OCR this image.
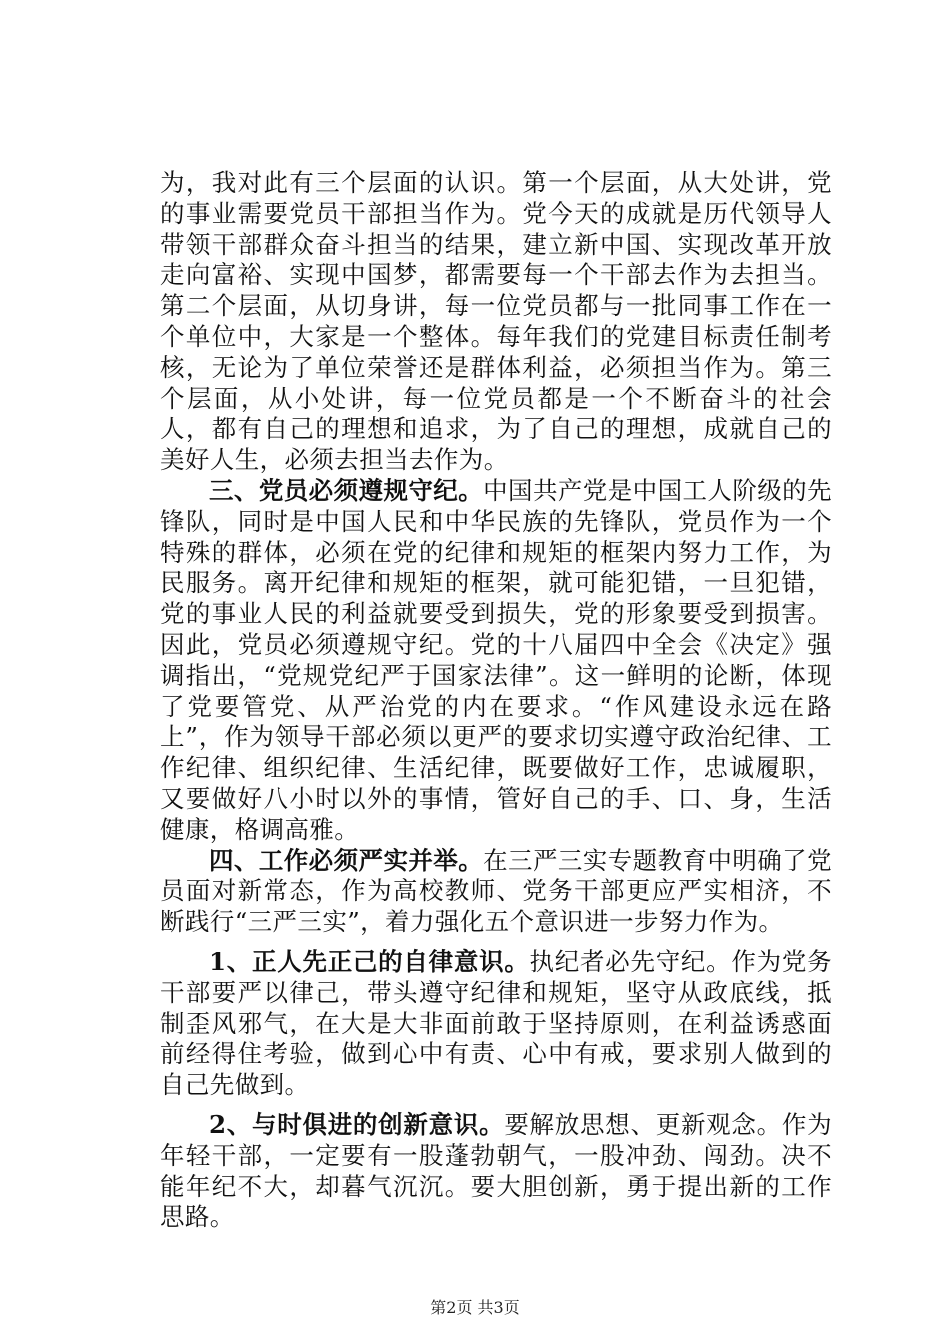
为，我对此有三个层面的认识。第一个层面，从大处讲，党的事业需要党员干部担当作为。党今天的成就是历代领导人带领干部群众奋斗担当的结果，建立新中国、实现改革开放走向富裕、实现中国梦，都需要每一个干部去作为去担当。第二个层面，从切身讲，每一位党员都与一批同事工作在一个单位中，大家是一个整体。每年我们的党建目标责任制考核，无论为了单位荣誉还是群体利益，必须担当作为。第三个层面，从小处讲，每一位党员都是一个不断奋斗的社会人，都有自己的理想和追求，为了自己的理想，成就自己的美好人生，必须去担当去作为。

三、党员必须遵规守纪。中国共产党是中国工人阶级的先锋队，同时是中国人民和中华民族的先锋队，党员作为一个特殊的群体，必须在党的纪律和规矩的框架内努力工作，为民服务。离开纪律和规矩的框架，就可能犯错，一旦犯错，党的事业人民的利益就要受到损失，党的形象要受到损害。因此，党员必须遵规守纪。党的十八届四中全会《决定》强调指出，“党规党纪严于国家法律”。这一鲜明的论断，体现了党要管党、从严治党的内在要求。“作风建设永远在路上”，作为领导干部必须以更严的要求切实遵守政治纪律、工作纪律、组织纪律、生活纪律，既要做好工作，忠诚履职，又要做好八小时以外的事情，管好自己的手、口、身，生活健康，格调高雅。

四、工作必须严实并举。在三严三实专题教育中明确了党员面对新常态，作为高校教师、党务干部更应严实相济，不断践行“三严三实”，着力强化五个意识进一步努力作为。

1、正人先正己的自律意识。执纪者必先守纪。作为党务干部要严以律己，带头遵守纪律和规矩，坚守从政底线，抵制歪风邪气，在大是大非面前敢于坚持原则，在利益诱惑面前经得住考验，做到心中有责、心中有戒，要求别人做到的自己先做到。

2、与时俱进的创新意识。要解放思想、更新观念。作为年轻干部，一定要有一股蓬勃朝气，一股冲劲、闯劲。决不能年纪不大，却暮气沉沉。要大胆创新，勇于提出新的工作思路。

第2页 共3页
